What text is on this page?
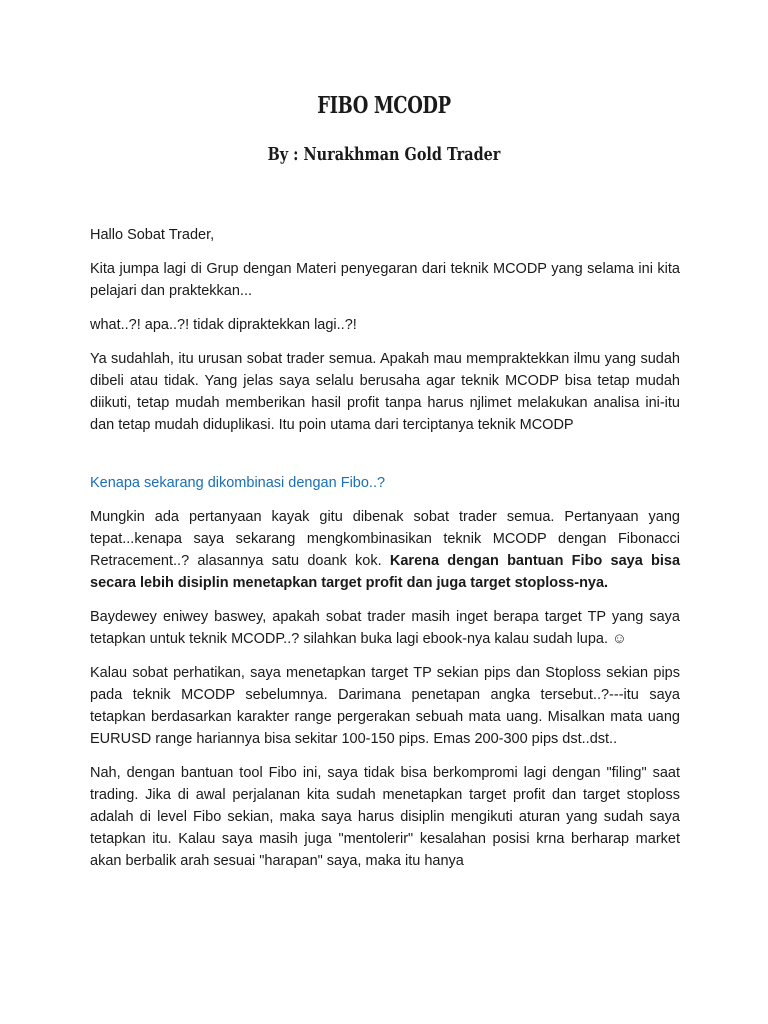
FIBO MCODP
By : Nurakhman Gold Trader

Hallo Sobat Trader,

Kita jumpa lagi di Grup dengan Materi penyegaran dari teknik MCODP yang selama ini kita pelajari dan praktekkan...

what..?! apa..?! tidak dipraktekkan lagi..?!

Ya sudahlah, itu urusan sobat trader semua. Apakah mau mempraktekkan ilmu yang sudah dibeli atau tidak. Yang jelas saya selalu berusaha agar teknik MCODP bisa tetap mudah diikuti, tetap mudah memberikan hasil profit tanpa harus njlimet melakukan analisa ini-itu dan tetap mudah diduplikasi. Itu poin utama dari terciptanya teknik MCODP

Kenapa sekarang dikombinasi dengan Fibo..?

Mungkin ada pertanyaan kayak gitu dibenak sobat trader semua. Pertanyaan yang tepat...kenapa saya sekarang mengkombinasikan teknik MCODP dengan Fibonacci Retracement..? alasannya satu doank kok. Karena dengan bantuan Fibo saya bisa secara lebih disiplin menetapkan target profit dan juga target stoploss-nya.

Baydewey eniwey baswey, apakah sobat trader masih inget berapa target TP yang saya tetapkan untuk teknik MCODP..? silahkan buka lagi ebook-nya kalau sudah lupa. ☺

Kalau sobat perhatikan, saya menetapkan target TP sekian pips dan Stoploss sekian pips pada teknik MCODP sebelumnya. Darimana penetapan angka tersebut..?---itu saya tetapkan berdasarkan karakter range pergerakan sebuah mata uang. Misalkan mata uang EURUSD range hariannya bisa sekitar 100-150 pips. Emas 200-300 pips dst..dst..

Nah, dengan bantuan tool Fibo ini, saya tidak bisa berkompromi lagi dengan "filing" saat trading. Jika di awal perjalanan kita sudah menetapkan target profit dan target stoploss adalah di level Fibo sekian, maka saya harus disiplin mengikuti aturan yang sudah saya tetapkan itu. Kalau saya masih juga "mentolerir" kesalahan posisi krna berharap market akan berbalik arah sesuai "harapan" saya, maka itu hanya
